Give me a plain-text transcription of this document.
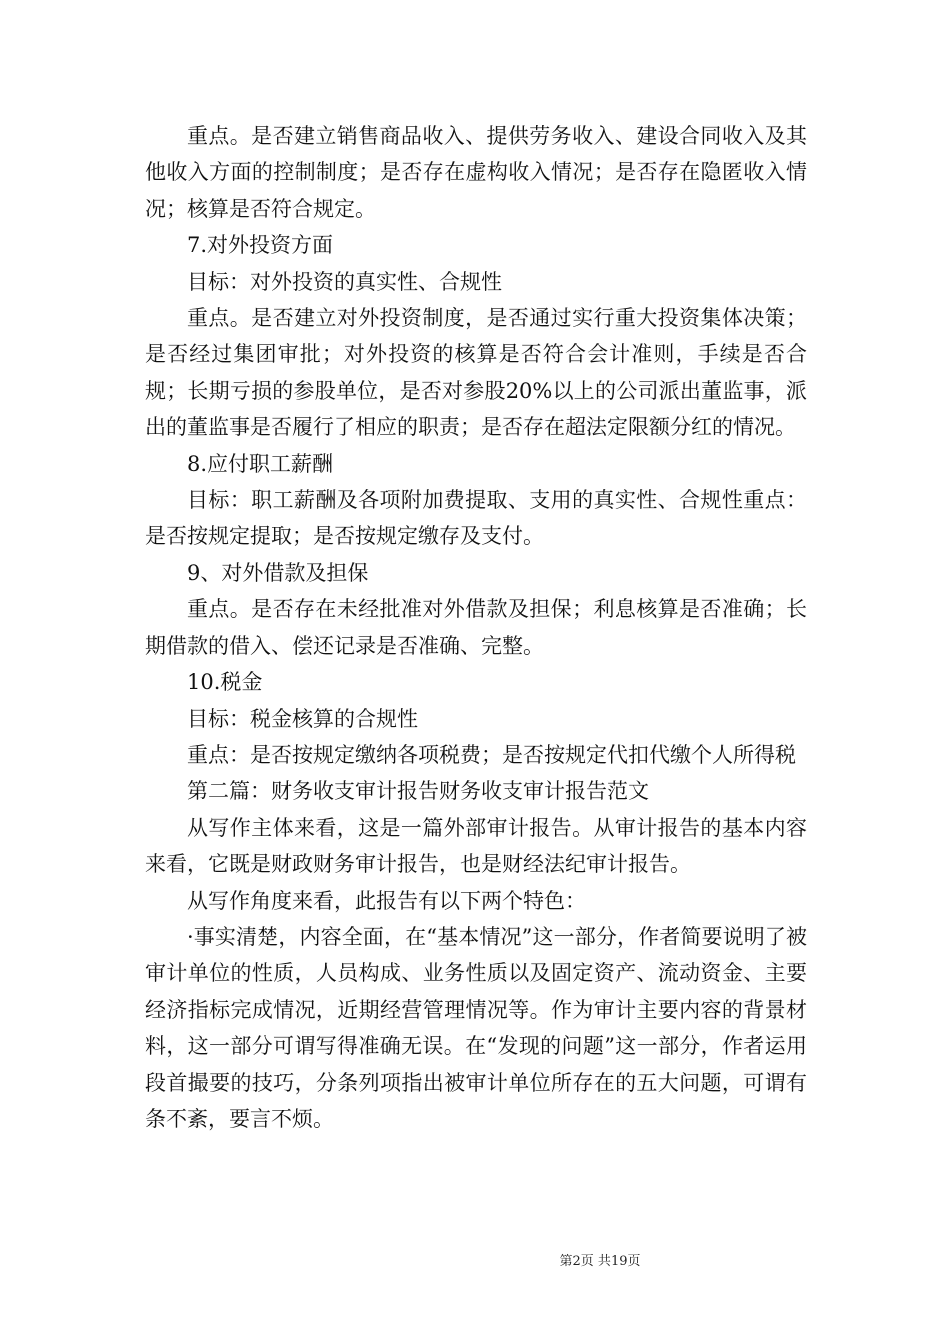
重点。是否建立销售商品收入、提供劳务收入、建设合同收入及其他收入方面的控制制度；是否存在虚构收入情况；是否存在隐匿收入情况；核算是否符合规定。

7.对外投资方面

目标：对外投资的真实性、合规性

重点。是否建立对外投资制度，是否通过实行重大投资集体决策；是否经过集团审批；对外投资的核算是否符合会计准则，手续是否合规；长期亏损的参股单位，是否对参股20%以上的公司派出董监事，派出的董监事是否履行了相应的职责；是否存在超法定限额分红的情况。

8.应付职工薪酬

目标：职工薪酬及各项附加费提取、支用的真实性、合规性重点：是否按规定提取；是否按规定缴存及支付。

9、对外借款及担保

重点。是否存在未经批准对外借款及担保；利息核算是否准确；长期借款的借入、偿还记录是否准确、完整。

10.税金

目标：税金核算的合规性

重点：是否按规定缴纳各项税费；是否按规定代扣代缴个人所得税

第二篇：财务收支审计报告财务收支审计报告范文

从写作主体来看，这是一篇外部审计报告。从审计报告的基本内容来看，它既是财政财务审计报告，也是财经法纪审计报告。

从写作角度来看，此报告有以下两个特色：

·事实清楚，内容全面，在“基本情况”这一部分，作者简要说明了被审计单位的性质，人员构成、业务性质以及固定资产、流动资金、主要经济指标完成情况，近期经营管理情况等。作为审计主要内容的背景材料，这一部分可谓写得准确无误。在“发现的问题”这一部分，作者运用段首撮要的技巧，分条列项指出被审计单位所存在的五大问题，可谓有条不紊，要言不烦。

第2页 共19页
